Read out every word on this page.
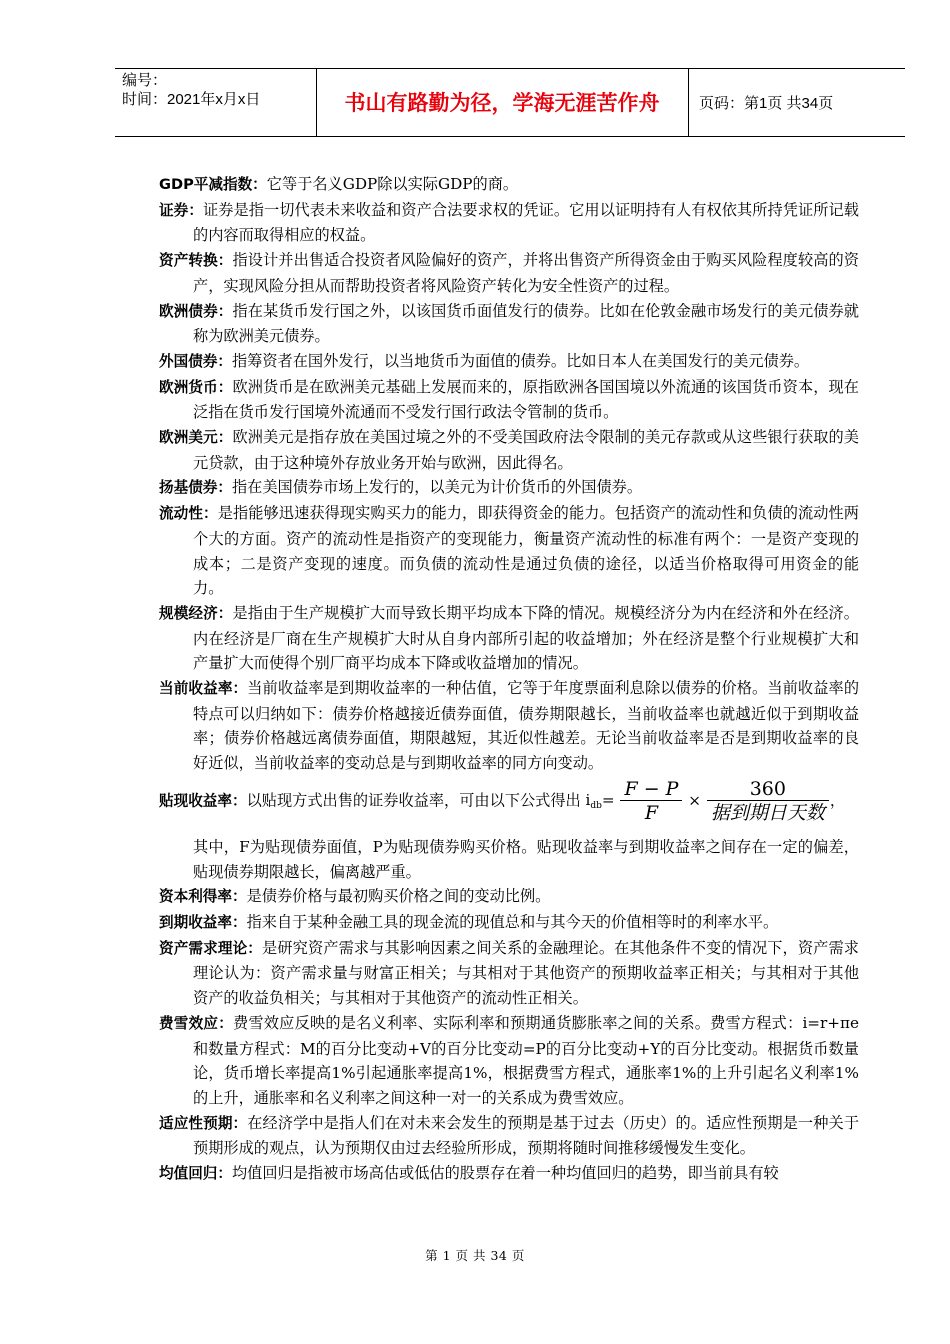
编号：
时间：2021年x月x日	书山有路勤为径，学海无涯苦作舟	页码：第1页 共34页
GDP平减指数：它等于名义GDP除以实际GDP的商。
证券：证券是指一切代表未来收益和资产合法要求权的凭证。它用以证明持有人有权依其所持凭证所记载的内容而取得相应的权益。
资产转换：指设计并出售适合投资者风险偏好的资产，并将出售资产所得资金由于购买风险程度较高的资产，实现风险分担从而帮助投资者将风险资产转化为安全性资产的过程。
欧洲债券：指在某货币发行国之外，以该国货币面值发行的债券。比如在伦敦金融市场发行的美元债券就称为欧洲美元债券。
外国债券：指筹资者在国外发行，以当地货币为面值的债券。比如日本人在美国发行的美元债券。
欧洲货币：欧洲货币是在欧洲美元基础上发展而来的，原指欧洲各国国境以外流通的该国货币资本，现在泛指在货币发行国境外流通而不受发行国行政法令管制的货币。
欧洲美元：欧洲美元是指存放在美国过境之外的不受美国政府法令限制的美元存款或从这些银行获取的美元贷款，由于这种境外存放业务开始与欧洲，因此得名。
扬基债券：指在美国债券市场上发行的，以美元为计价货币的外国债券。
流动性：是指能够迅速获得现实购买力的能力，即获得资金的能力。包括资产的流动性和负债的流动性两个大的方面。资产的流动性是指资产的变现能力，衡量资产流动性的标准有两个：一是资产变现的成本；二是资产变现的速度。而负债的流动性是通过负债的途径，以适当价格取得可用资金的能力。
规模经济：是指由于生产规模扩大而导致长期平均成本下降的情况。规模经济分为内在经济和外在经济。内在经济是厂商在生产规模扩大时从自身内部所引起的收益增加；外在经济是整个行业规模扩大和产量扩大而使得个别厂商平均成本下降或收益增加的情况。
当前收益率：当前收益率是到期收益率的一种估值，它等于年度票面利息除以债券的价格。当前收益率的特点可以归纳如下：债券价格越接近债券面值，债券期限越长，当前收益率也就越近似于到期收益率；债券价格越远离债券面值，期限越短，其近似性越差。无论当前收益率是否是到期收益率的良好近似，当前收益率的变动总是与到期收益率的同方向变动。
贴现收益率：以贴现方式出售的证券收益率，可由以下公式得出 $i_{db}= \frac{F - P}{F} \times \frac{360}{\text{据到期日天数}}$ ，
其中，F为贴现债券面值，P为贴现债券购买价格。贴现收益率与到期收益率之间存在一定的偏差，贴现债券期限越长，偏离越严重。
资本利得率：是债券价格与最初购买价格之间的变动比例。
到期收益率：指来自于某种金融工具的现金流的现值总和与其今天的价值相等时的利率水平。
资产需求理论：是研究资产需求与其影响因素之间关系的金融理论。在其他条件不变的情况下，资产需求理论认为：资产需求量与财富正相关；与其相对于其他资产的预期收益率正相关；与其相对于其他资产的收益负相关；与其相对于其他资产的流动性正相关。
费雪效应：费雪效应反映的是名义利率、实际利率和预期通货膨胀率之间的关系。费雪方程式：i=r+πe和数量方程式：M的百分比变动+V的百分比变动=P的百分比变动+Y的百分比变动。根据货币数量论，货币增长率提高1%引起通胀率提高1%，根据费雪方程式，通胀率1%的上升引起名义利率1%的上升，通胀率和名义利率之间这种一对一的关系成为费雪效应。
适应性预期：在经济学中是指人们在对未来会发生的预期是基于过去（历史）的。适应性预期是一种关于预期形成的观点，认为预期仅由过去经验所形成，预期将随时间推移缓慢发生变化。
均值回归：均值回归是指被市场高估或低估的股票存在着一种均值回归的趋势，即当前具有较
第 1 页 共 34 页
